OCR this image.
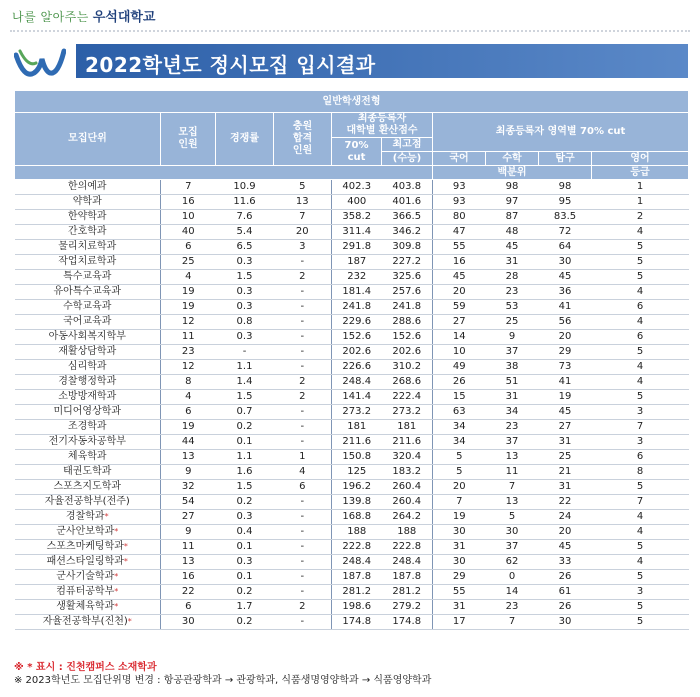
나를 알아주는 우석대학교
2022학년도 정시모집 입시결과
일반학생전형									
모집단위	모집
인원	경쟁률	충원
합격
인원	최종등록자
대학별 환산점수		최종등록자 영역별 70% cut			
				70%
cut	최고점				
					(수능)	국어	수학	탐구	영어
						백분위			등급
한의예과	7	10.9	5	402.3	403.8	93	98	98	1
약학과	16	11.6	13	400	401.6	93	97	95	1
한약학과	10	7.6	7	358.2	366.5	80	87	83.5	2
간호학과	40	5.4	20	311.4	346.2	47	48	72	4
물리치료학과	6	6.5	3	291.8	309.8	55	45	64	5
작업치료학과	25	0.3	-	187	227.2	16	31	30	5
특수교육과	4	1.5	2	232	325.6	45	28	45	5
유아특수교육과	19	0.3	-	181.4	257.6	20	23	36	4
수학교육과	19	0.3	-	241.8	241.8	59	53	41	6
국어교육과	12	0.8	-	229.6	288.6	27	25	56	4
아동사회복지학부	11	0.3	-	152.6	152.6	14	9	20	6
재활상담학과	23	-	-	202.6	202.6	10	37	29	5
심리학과	12	1.1	-	226.6	310.2	49	38	73	4
경찰행정학과	8	1.4	2	248.4	268.6	26	51	41	4
소방방재학과	4	1.5	2	141.4	222.4	15	31	19	5
미디어영상학과	6	0.7	-	273.2	273.2	63	34	45	3
조경학과	19	0.2	-	181	181	34	23	27	7
전기자동차공학부	44	0.1	-	211.6	211.6	34	37	31	3
체육학과	13	1.1	1	150.8	320.4	5	13	25	6
태권도학과	9	1.6	4	125	183.2	5	11	21	8
스포츠지도학과	32	1.5	6	196.2	260.4	20	7	31	5
자율전공학부(전주)	54	0.2	-	139.8	260.4	7	13	22	7
경찰학과*	27	0.3	-	168.8	264.2	19	5	24	4
군사안보학과*	9	0.4	-	188	188	30	30	20	4
스포츠마케팅학과*	11	0.1	-	222.8	222.8	31	37	45	5
패션스타일링학과*	13	0.3	-	248.4	248.4	30	62	33	4
군사기술학과*	16	0.1	-	187.8	187.8	29	0	26	5
컴퓨터공학부*	22	0.2	-	281.2	281.2	55	14	61	3
생활체육학과*	6	1.7	2	198.6	279.2	31	23	26	5
자율전공학부(진천)*	30	0.2	-	174.8	174.8	17	7	30	5
※ * 표시 : 진천캠퍼스 소재학과
※ 2023학년도 모집단위명 변경 : 항공관광학과 → 관광학과, 식품생명영양학과 → 식품영양학과
